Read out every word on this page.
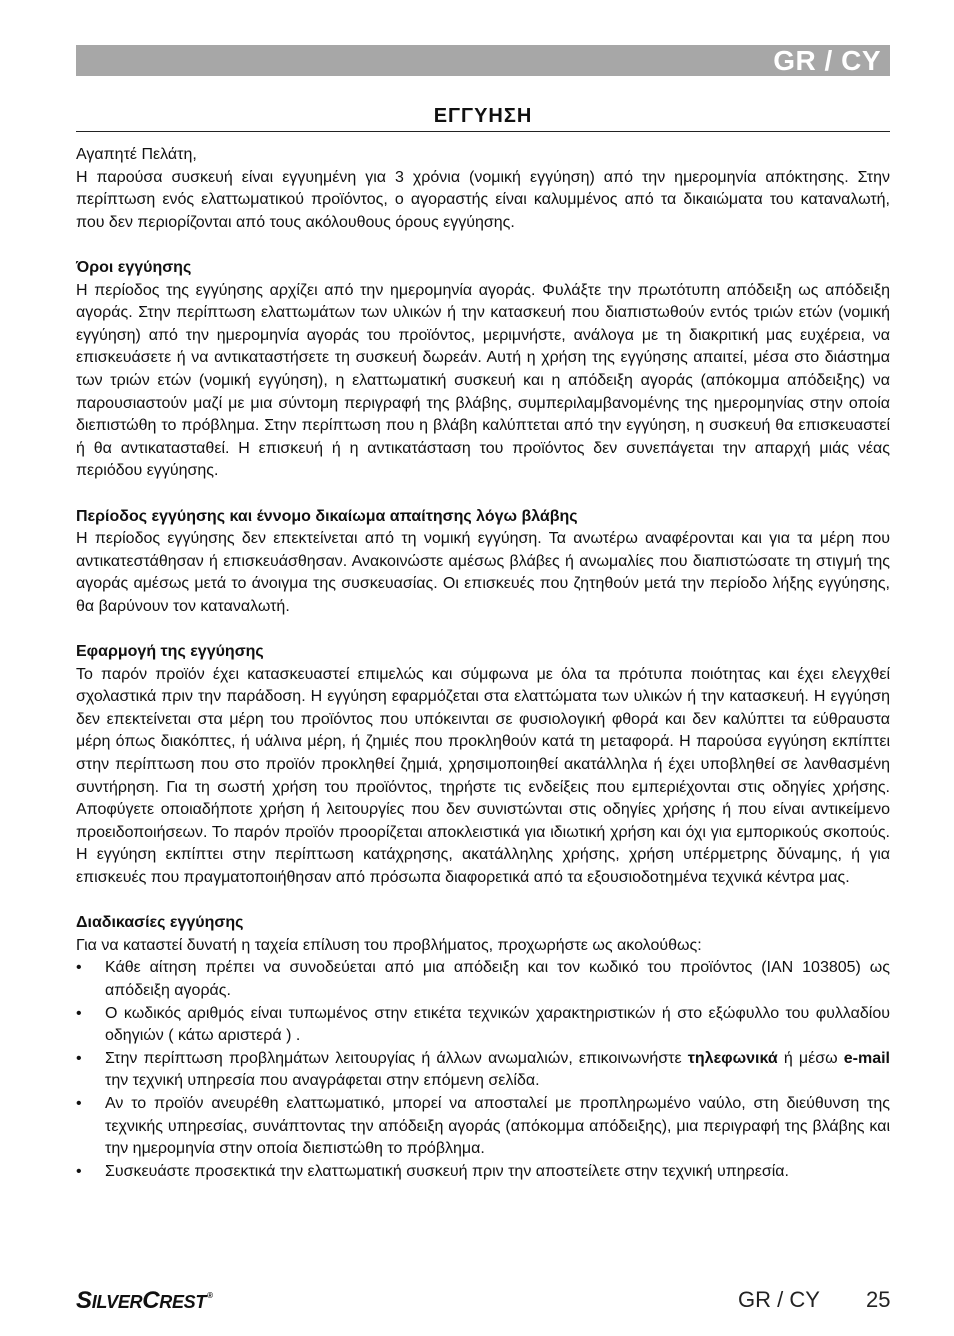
GR / CY
ΕΓΓΥΗΣΗ

Αγαπητέ Πελάτη,

Η παρούσα συσκευή είναι εγγυημένη για 3 χρόνια (νομική εγγύηση) από την ημερομηνία απόκτησης. Στην περίπτωση ενός ελαττωματικού προϊόντος, ο αγοραστής είναι καλυμμένος από τα δικαιώματα του καταναλωτή, που δεν περιορίζονται από τους ακόλουθους όρους εγγύησης.

Όροι εγγύησης

Η περίοδος της εγγύησης αρχίζει από την ημερομηνία αγοράς. Φυλάξτε την πρωτότυπη απόδειξη ως απόδειξη αγοράς. Στην περίπτωση ελαττωμάτων των υλικών ή την κατασκευή που διαπιστωθούν εντός τριών ετών (νομική εγγύηση) από την ημερομηνία αγοράς του προϊόντος, μεριμνήστε, ανάλογα με τη διακριτική μας ευχέρεια, να επισκευάσετε ή να αντικαταστήσετε τη συσκευή δωρεάν. Αυτή η χρήση της εγγύησης απαιτεί, μέσα στο διάστημα των τριών ετών (νομική εγγύηση), η ελαττωματική συσκευή και η απόδειξη αγοράς (απόκομμα απόδειξης) να παρουσιαστούν μαζί με μια σύντομη περιγραφή της βλάβης, συμπεριλαμβανομένης της ημερομηνίας στην οποία διεπιστώθη το πρόβλημα. Στην περίπτωση που η βλάβη καλύπτεται από την εγγύηση, η συσκευή θα επισκευαστεί ή θα αντικατασταθεί. Η επισκευή ή η αντικατάσταση του προϊόντος δεν συνεπάγεται την απαρχή μιάς νέας περιόδου εγγύησης.

Περίοδος εγγύησης και έννομο δικαίωμα απαίτησης λόγω βλάβης

Η περίοδος εγγύησης δεν επεκτείνεται από τη νομική εγγύηση. Τα ανωτέρω αναφέρονται και για τα μέρη που αντικατεστάθησαν ή επισκευάσθησαν. Ανακοινώστε αμέσως βλάβες ή ανωμαλίες που διαπιστώσατε τη στιγμή της αγοράς αμέσως μετά το άνοιγμα της συσκευασίας. Οι επισκευές που ζητηθούν μετά την περίοδο λήξης εγγύησης, θα βαρύνουν τον καταναλωτή.

Εφαρμογή της εγγύησης

Το παρόν προϊόν έχει κατασκευαστεί επιμελώς και σύμφωνα με όλα τα πρότυπα ποιότητας και έχει ελεγχθεί σχολαστικά πριν την παράδοση. Η εγγύηση εφαρμόζεται στα ελαττώματα των υλικών ή την κατασκευή. Η εγγύηση δεν επεκτείνεται στα μέρη του προϊόντος που υπόκεινται σε φυσιολογική φθορά και δεν καλύπτει τα εύθραυστα μέρη όπως διακόπτες, ή υάλινα μέρη, ή ζημιές που προκληθούν κατά τη μεταφορά. Η παρούσα εγγύηση εκπίπτει στην περίπτωση που στο προϊόν προκληθεί ζημιά, χρησιμοποιηθεί ακατάλληλα ή έχει υποβληθεί σε λανθασμένη συντήρηση. Για τη σωστή χρήση του προϊόντος, τηρήστε τις ενδείξεις που εμπεριέχονται στις οδηγίες χρήσης. Αποφύγετε οποιαδήποτε χρήση ή λειτουργίες που δεν συνιστώνται στις οδηγίες χρήσης ή που είναι αντικείμενο προειδοποιήσεων. Το παρόν προϊόν προορίζεται αποκλειστικά για ιδιωτική χρήση και όχι για εμπορικούς σκοπούς. Η εγγύηση εκπίπτει στην περίπτωση κατάχρησης, ακατάλληλης χρήσης, χρήση υπέρμετρης δύναμης, ή για επισκευές που πραγματοποιήθησαν από πρόσωπα διαφορετικά από τα εξουσιοδοτημένα τεχνικά κέντρα μας.

Διαδικασίες εγγύησης

Για να καταστεί δυνατή η ταχεία επίλυση του προβλήματος, προχωρήστε ως ακολούθως:

• Κάθε αίτηση πρέπει να συνοδεύεται από μια απόδειξη και τον κωδικό του προϊόντος (IAN 103805) ως απόδειξη αγοράς.
• Ο κωδικός αριθμός είναι τυπωμένος στην ετικέτα τεχνικών χαρακτηριστικών ή στο εξώφυλλο του φυλλαδίου οδηγιών ( κάτω αριστερά ) .
• Στην περίπτωση προβλημάτων λειτουργίας ή άλλων ανωμαλιών, επικοινωνήστε τηλεφωνικά ή μέσω e-mail την τεχνική υπηρεσία που αναγράφεται στην επόμενη σελίδα.
• Αν το προϊόν ανευρέθη ελαττωματικό, μπορεί να αποσταλεί με προπληρωμένο ναύλο, στη διεύθυνση της τεχνικής υπηρεσίας, συνάπτοντας την απόδειξη αγοράς (απόκομμα απόδειξης), μια περιγραφή της βλάβης και την ημερομηνία στην οποία διεπιστώθη το πρόβλημα.
• Συσκευάστε προσεκτικά την ελαττωματική συσκευή πριν την αποστείλετε στην τεχνική υπηρεσία.
S ILVER C REST ®	GR / CY 25
